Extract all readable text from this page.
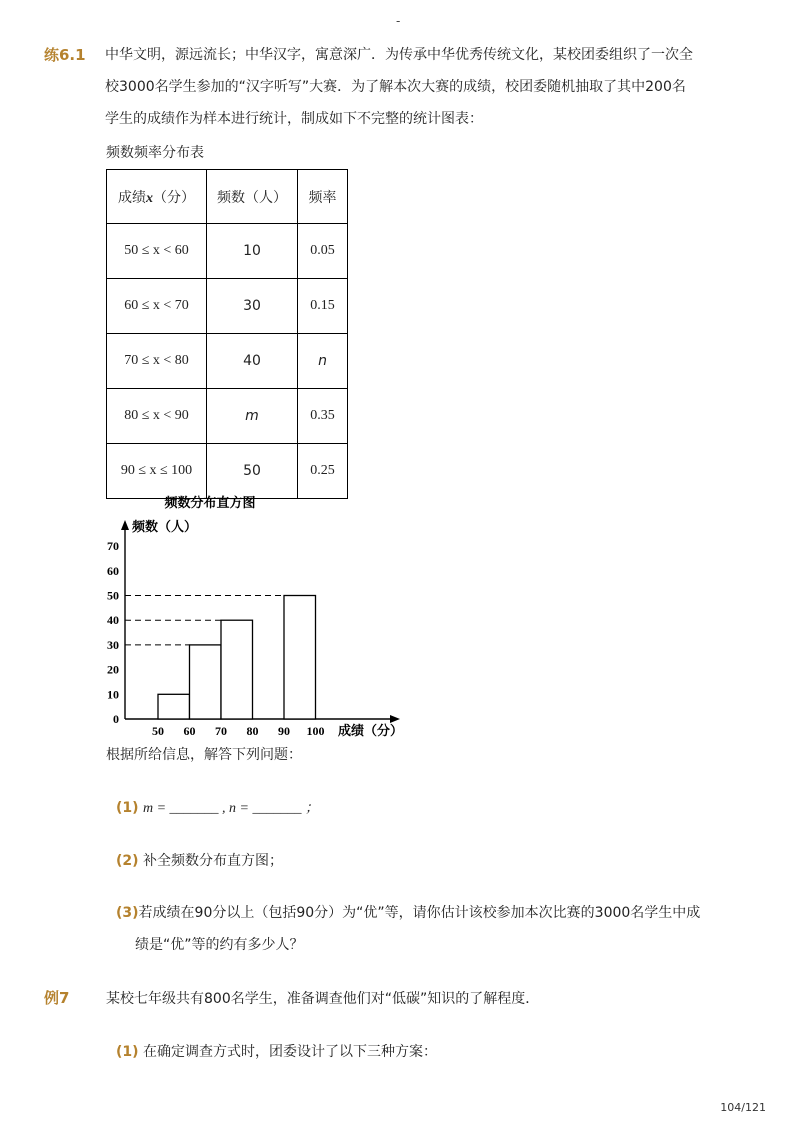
-
练6.1 中华文明，源远流长；中华汉字，寓意深广．为传承中华优秀传统文化，某校团委组织了一次全
校3000名学生参加的“汉字听写”大赛．为了解本次大赛的成绩，校团委随机抽取了其中200名
学生的成绩作为样本进行统计，制成如下不完整的统计图表：
频数频率分布表
成绩x（分）	频数（人）	频率
50 ≤ x < 60	10	0.05
60 ≤ x < 70	30	0.15
70 ≤ x < 80	40	n
80 ≤ x < 90	m	0.35
90 ≤ x ≤ 100	50	0.25
频数分布直方图
0
10
20
30
40
50
60
70
50 60 70 80 90 100
频数（人）
成绩（分）
根据所给信息，解答下列问题：
(1) m = _______ , n = _______ ；
(2) 补全频数分布直方图；
(3)若成绩在90分以上（包括90分）为“优”等，请你估计该校参加本次比赛的3000名学生中成
绩是“优”等的约有多少人？
例7	某校七年级共有800名学生，准备调查他们对“低碳”知识的了解程度．
(1) 在确定调查方式时，团委设计了以下三种方案：
104/121
